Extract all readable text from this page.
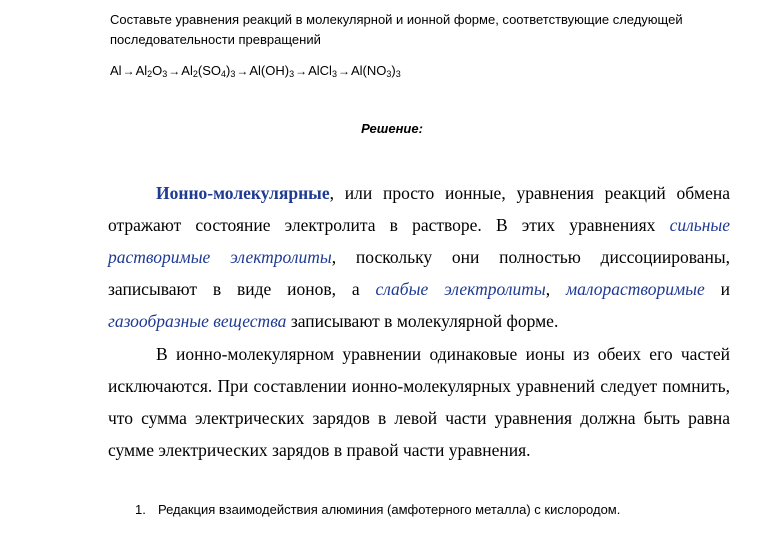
Составьте уравнения реакций в молекулярной и ионной форме, соответствующие следующей последовательности превращений
$Al\to Al_2O_3\to Al_2(SO_4)_3\to Al(OH)_3\to AlCl_3\to Al(NO_3)_3$
Решение:

Ионно-молекулярные, или просто ионные, уравнения реакций обмена отражают состояние электролита в растворе. В этих уравнениях сильные растворимые электролиты, поскольку они полностью диссоциированы, записывают в виде ионов, а слабые электролиты, малорастворимые и газообразные вещества записывают в молекулярной форме.

В ионно-молекулярном уравнении одинаковые ионы из обеих его частей исключаются. При составлении ионно-молекулярных уравнений следует помнить, что сумма электрических зарядов в левой части уравнения должна быть равна сумме электрических зарядов в правой части уравнения.

1. Редакция взаимодействия алюминия (амфотерного металла) с кислородом.
